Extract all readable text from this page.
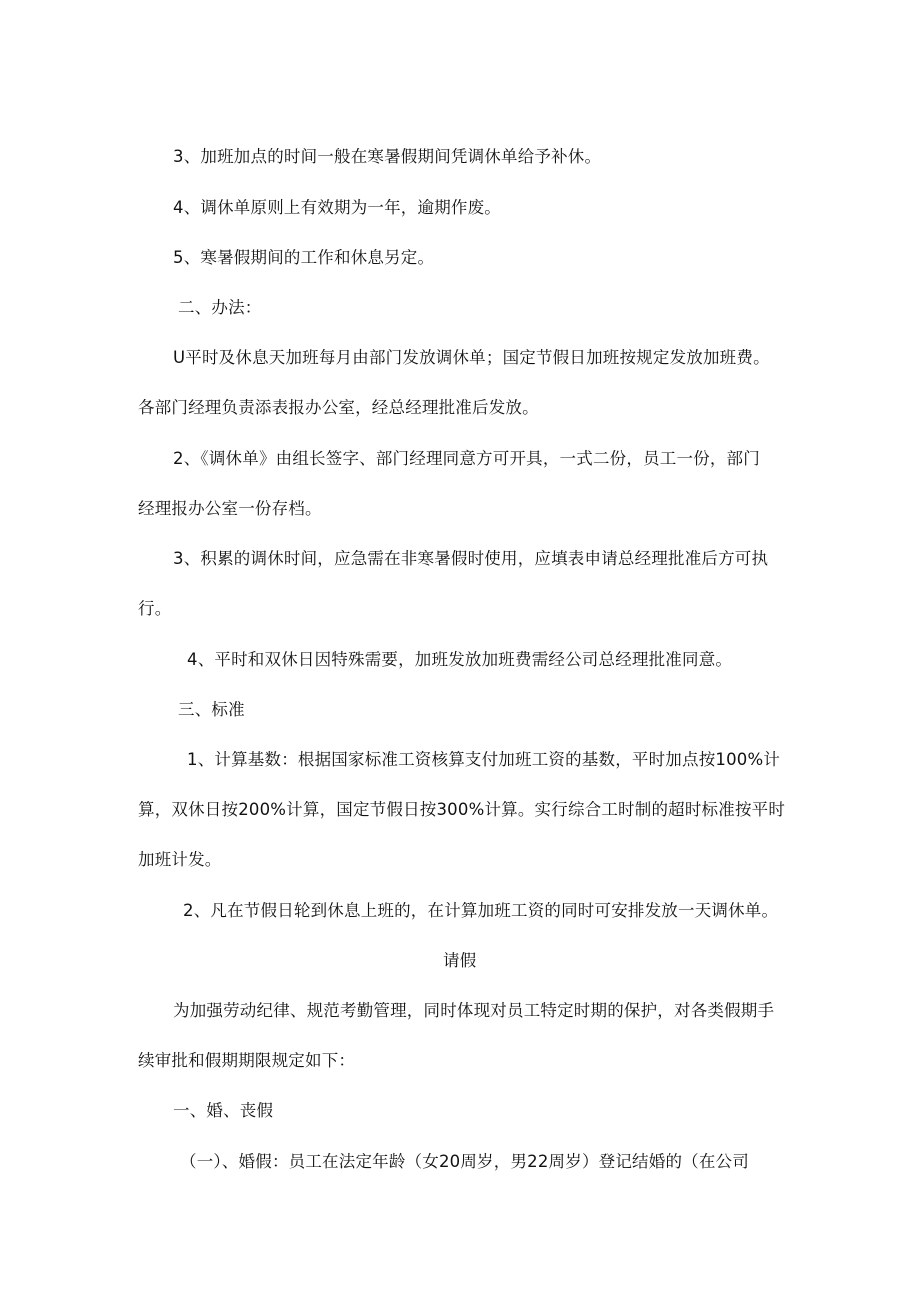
3、加班加点的时间一般在寒暑假期间凭调休单给予补休。

4、调休单原则上有效期为一年，逾期作废。

5、寒暑假期间的工作和休息另定。

二、办法：

U平时及休息天加班每月由部门发放调休单；国定节假日加班按规定发放加班费。

各部门经理负责添表报办公室，经总经理批准后发放。

2、《调休单》由组长签字、部门经理同意方可开具，一式二份，员工一份，部门

经理报办公室一份存档。

3、积累的调休时间，应急需在非寒暑假时使用，应填表申请总经理批准后方可执

行。

4、平时和双休日因特殊需要，加班发放加班费需经公司总经理批准同意。

三、标准

1、计算基数：根据国家标准工资核算支付加班工资的基数，平时加点按100%计

算，双休日按200%计算，国定节假日按300%计算。实行综合工时制的超时标准按平时

加班计发。

2、凡在节假日轮到休息上班的，在计算加班工资的同时可安排发放一天调休单。

请假

为加强劳动纪律、规范考勤管理，同时体现对员工特定时期的保护，对各类假期手

续审批和假期期限规定如下：

一、婚、丧假

（一）、婚假：员工在法定年龄（女20周岁，男22周岁）登记结婚的（在公司
